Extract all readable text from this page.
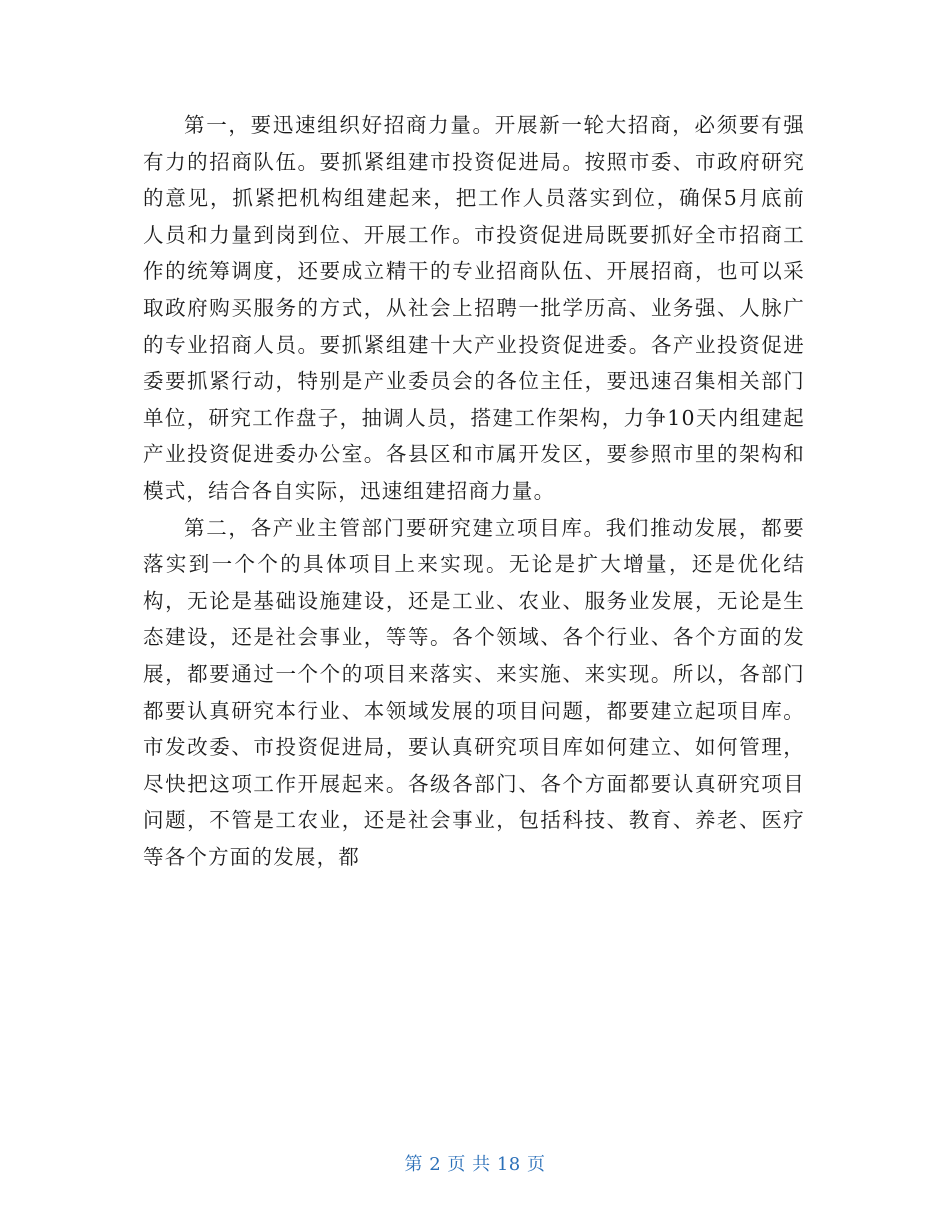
第一，要迅速组织好招商力量。开展新一轮大招商，必须要有强有力的招商队伍。要抓紧组建市投资促进局。按照市委、市政府研究的意见，抓紧把机构组建起来，把工作人员落实到位，确保5月底前人员和力量到岗到位、开展工作。市投资促进局既要抓好全市招商工作的统筹调度，还要成立精干的专业招商队伍、开展招商，也可以采取政府购买服务的方式，从社会上招聘一批学历高、业务强、人脉广的专业招商人员。要抓紧组建十大产业投资促进委。各产业投资促进委要抓紧行动，特别是产业委员会的各位主任，要迅速召集相关部门单位，研究工作盘子，抽调人员，搭建工作架构，力争10天内组建起产业投资促进委办公室。各县区和市属开发区，要参照市里的架构和模式，结合各自实际，迅速组建招商力量。

第二，各产业主管部门要研究建立项目库。我们推动发展，都要落实到一个个的具体项目上来实现。无论是扩大增量，还是优化结构，无论是基础设施建设，还是工业、农业、服务业发展，无论是生态建设，还是社会事业，等等。各个领域、各个行业、各个方面的发展，都要通过一个个的项目来落实、来实施、来实现。所以，各部门都要认真研究本行业、本领域发展的项目问题，都要建立起项目库。市发改委、市投资促进局，要认真研究项目库如何建立、如何管理，尽快把这项工作开展起来。各级各部门、各个方面都要认真研究项目问题，不管是工农业，还是社会事业，包括科技、教育、养老、医疗等各个方面的发展，都

第 2 页 共 18 页
